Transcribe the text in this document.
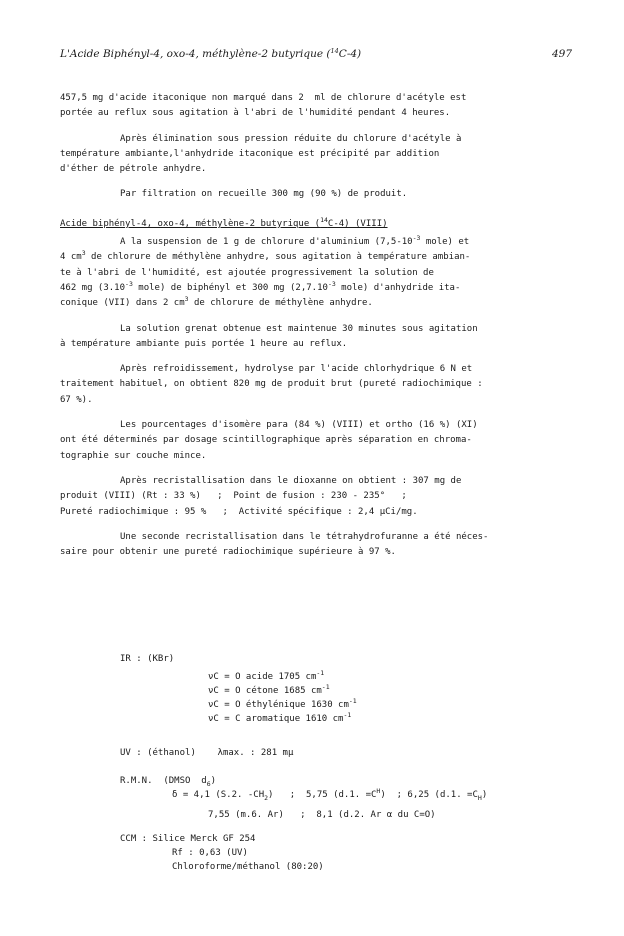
L'Acide Biphényl-4, oxo-4, méthylène-2 butyrique ($^{14}$C-4)	497

457,5 mg d'acide itaconique non marqué dans 2  ml de chlorure d'acétyle est
portée au reflux sous agitation à l'abri de l'humidité pendant 4 heures.

Après élimination sous pression réduite du chlorure d'acétyle à
température ambiante,l'anhydride itaconique est précipité par addition
d'éther de pétrole anhydre.

Par filtration on recueille 300 mg (90 %) de produit.

Acide biphényl-4, oxo-4, méthylène-2 butyrique ($^{14}$C-4) (VIII)

A la suspension de 1 g de chlorure d'aluminium ($7,5-10^{-3}$ mole) et
4 $cm^3$ de chlorure de méthylène anhydre, sous agitation à température ambian-
te à l'abri de l'humidité, est ajoutée progressivement la solution de
462 mg ($3.10^{-3}$ mole) de biphényl et 300 mg ($2,7.10^{-3}$ mole) d'anhydride ita-
conique (VII) dans 2 $cm^3$ de chlorure de méthylène anhydre.

La solution grenat obtenue est maintenue 30 minutes sous agitation
à température ambiante puis portée 1 heure au reflux.

Après refroidissement, hydrolyse par l'acide chlorhydrique 6 N et
traitement habituel, on obtient 820 mg de produit brut (pureté radiochimique :
67 %).

Les pourcentages d'isomère para (84 %) (VIII) et ortho (16 %) (XI)
ont été déterminés par dosage scintillographique après séparation en chroma-
tographie sur couche mince.

Après recristallisation dans le dioxanne on obtient : 307 mg de
produit (VIII) (Rt : 33 %)   ;  Point de fusion : 230 - 235°   ;
Pureté radiochimique : 95 %   ;  Activité spécifique : 2,4 µCi/mg.

Une seconde recristallisation dans le tétrahydrofuranne a été néces-
saire pour obtenir une pureté radiochimique supérieure à 97 %.

IR : (KBr)
νC = O acide 1705 $cm^{-1}$
νC = O cétone 1685 $cm^{-1}$
νC = O éthylénique 1630 $cm^{-1}$
νC = C aromatique 1610 $cm^{-1}$
UV : (éthanol)    λmax. : 281 mµ
R.M.N.  (DMSO  $d_6$)
δ = 4,1 (S.2. $-CH_2$)   ;  5,75 (d.1. $=C^H$)  ; 6,25 (d.1. $=C_H$)
7,55 (m.6. Ar)   ;  8,1 (d.2. Ar α du C=O)
CCM : Silice Merck GF 254
Rf : 0,63 (UV)
Chloroforme/méthanol (80:20)
